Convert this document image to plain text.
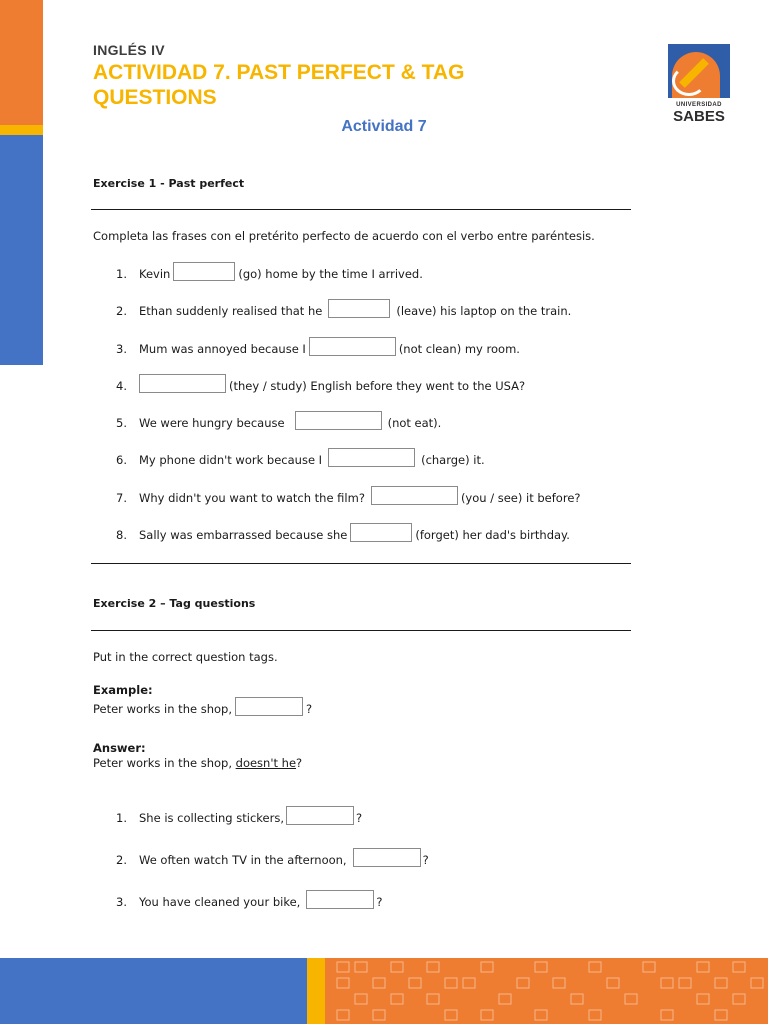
INGLÉS IV
ACTIVIDAD 7. PAST PERFECT & TAG QUESTIONS
Actividad 7
UNIVERSIDAD
SABES
Exercise 1 - Past perfect
Completa las frases con el pretérito perfecto de acuerdo con el verbo entre paréntesis.
1.	Kevin	(go) home by the time I arrived.
2.	Ethan suddenly realised that he	(leave) his laptop on the train.
3.	Mum was annoyed because I	(not clean) my room.
4.	(they / study) English before they went to the USA?
5.	We were hungry because	(not eat).
6.	My phone didn't work because I	(charge) it.
7.	Why didn't you want to watch the film?	(you / see) it before?
8.	Sally was embarrassed because she	(forget) her dad's birthday.
Exercise 2 – Tag questions
Put in the correct question tags.
Example:
Peter works in the shop,	?
Answer:
Peter works in the shop, doesn't he?
1.	She is collecting stickers,	?
2.	We often watch TV in the afternoon,	?
3.	You have cleaned your bike,	?
